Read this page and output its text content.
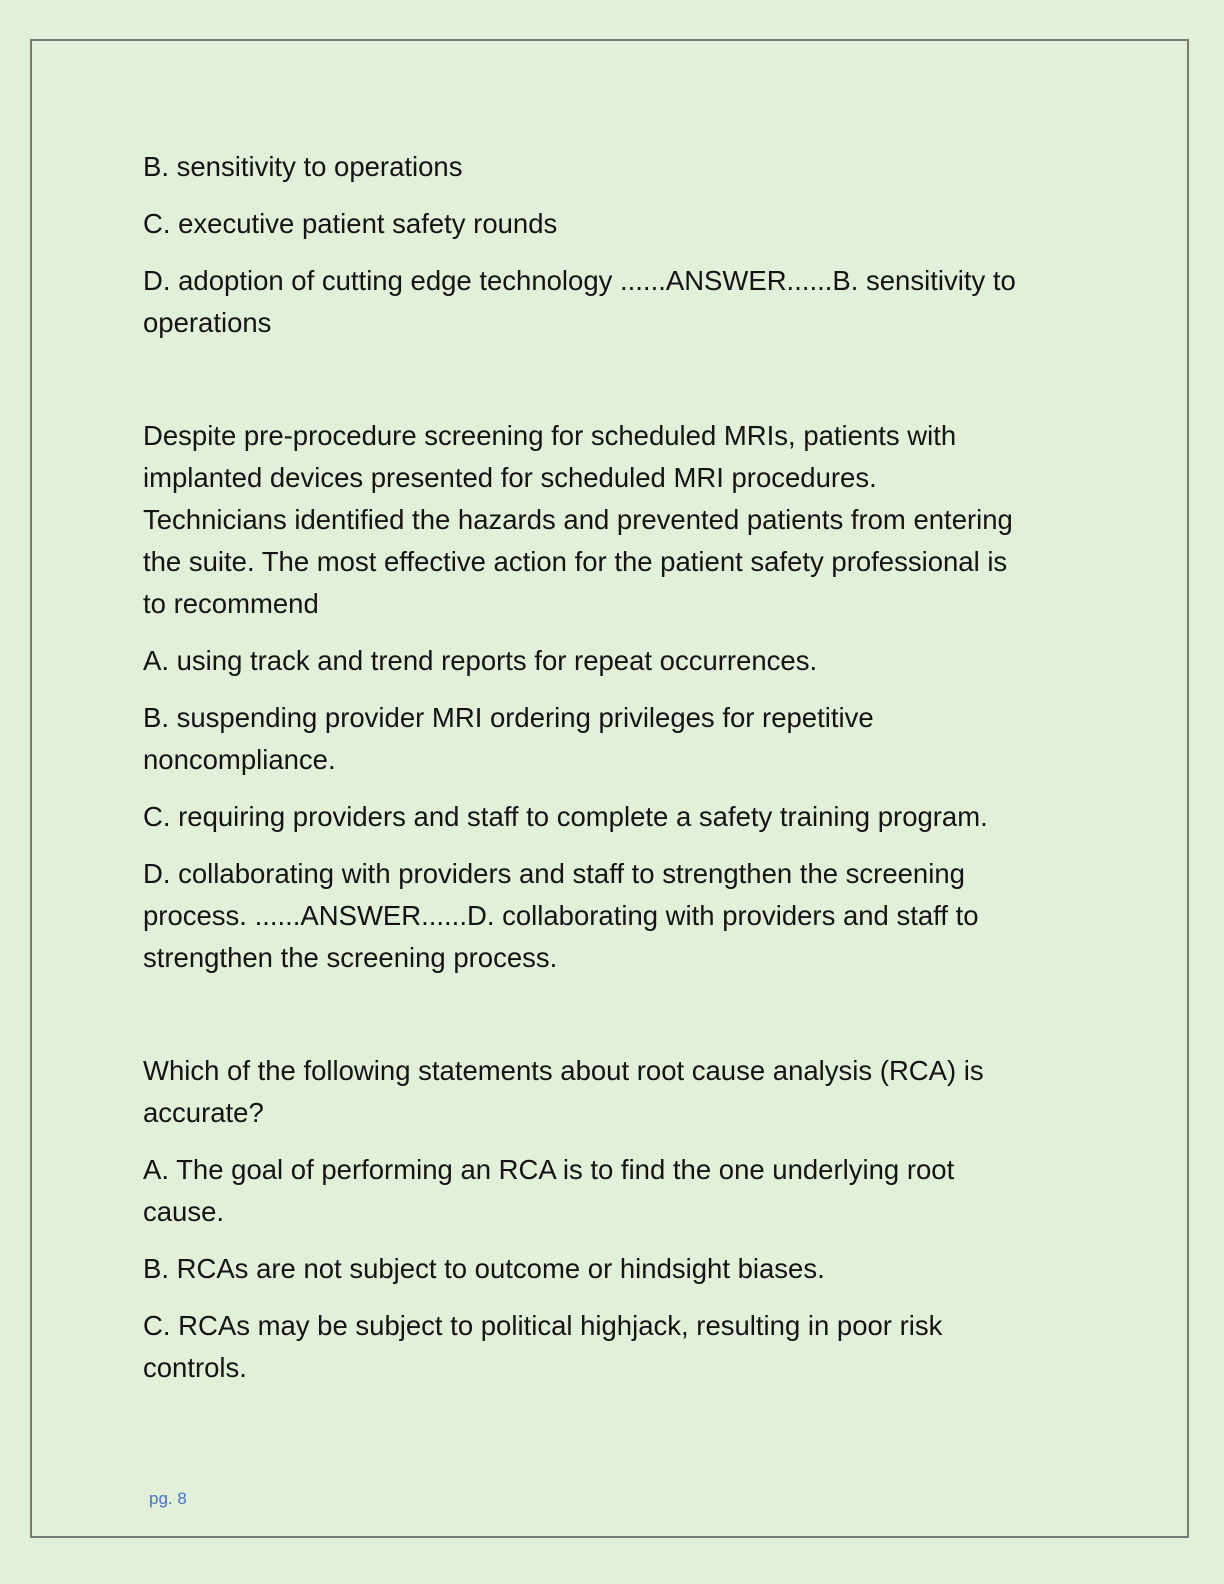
B. sensitivity to operations
C. executive patient safety rounds
D. adoption of cutting edge technology ......ANSWER......B. sensitivity to
operations
Despite pre-procedure screening for scheduled MRIs, patients with
implanted devices presented for scheduled MRI procedures.
Technicians identified the hazards and prevented patients from entering
the suite. The most effective action for the patient safety professional is
to recommend
A. using track and trend reports for repeat occurrences.
B. suspending provider MRI ordering privileges for repetitive
noncompliance.
C. requiring providers and staff to complete a safety training program.
D. collaborating with providers and staff to strengthen the screening
process. ......ANSWER......D. collaborating with providers and staff to
strengthen the screening process.
Which of the following statements about root cause analysis (RCA) is
accurate?
A. The goal of performing an RCA is to find the one underlying root
cause.
B. RCAs are not subject to outcome or hindsight biases.
C. RCAs may be subject to political highjack, resulting in poor risk
controls.
pg. 8
